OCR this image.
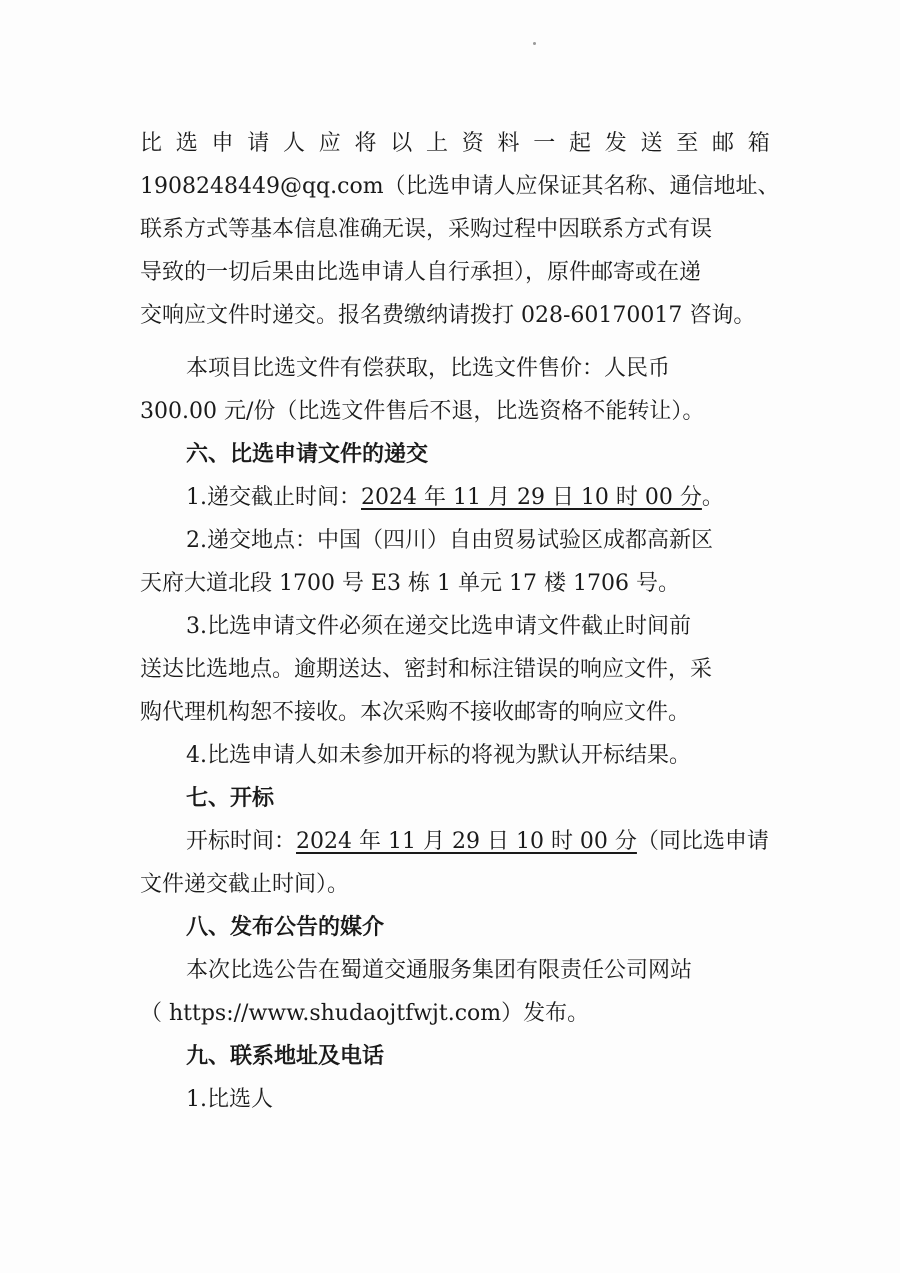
比 选 申 请 人 应 将 以 上 资 料 一 起 发 送 至 邮 箱
1908248449@qq.com（比选申请人应保证其名称、通信地址、
联系方式等基本信息准确无误，采购过程中因联系方式有误
导致的一切后果由比选申请人自行承担），原件邮寄或在递
交响应文件时递交。报名费缴纳请拨打 028-60170017 咨询。
本项目比选文件有偿获取，比选文件售价：人民币
300.00 元/份（比选文件售后不退，比选资格不能转让）。
六、比选申请文件的递交
1.递交截止时间：2024 年 11 月 29 日 10 时 00 分。
2.递交地点：中国（四川）自由贸易试验区成都高新区
天府大道北段 1700 号 E3 栋 1 单元 17 楼 1706 号。
3.比选申请文件必须在递交比选申请文件截止时间前
送达比选地点。逾期送达、密封和标注错误的响应文件，采
购代理机构恕不接收。本次采购不接收邮寄的响应文件。
4.比选申请人如未参加开标的将视为默认开标结果。
七、开标
开标时间：2024 年 11 月 29 日 10 时 00 分（同比选申请
文件递交截止时间）。
八、发布公告的媒介
本次比选公告在蜀道交通服务集团有限责任公司网站
（ https://www.shudaojtfwjt.com）发布。
九、联系地址及电话
1.比选人
